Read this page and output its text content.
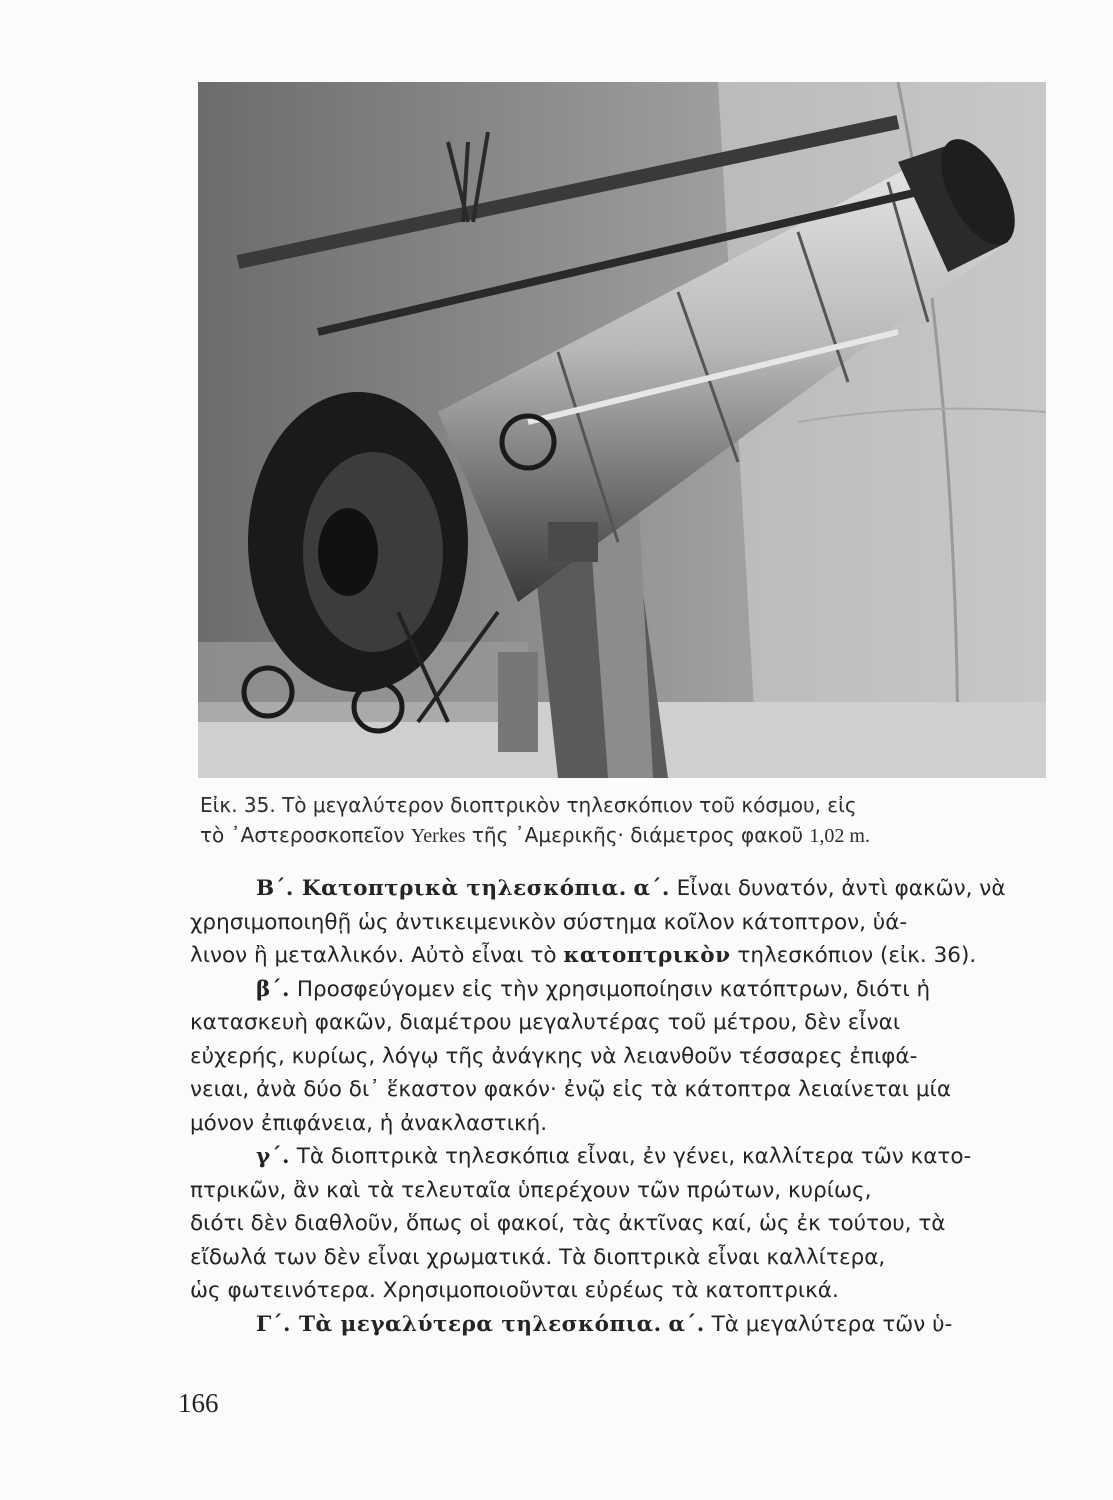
Εἰκ. 35. Τὸ μεγαλύτερον διοπτρικὸν τηλεσκόπιον τοῦ κόσμου, εἰς
τὸ ᾿Αστεροσκοπεῖον Yerkes τῆς ᾿Αμερικῆς· διάμετρος φακοῦ 1,02 m.
Β΄. Κατοπτρικὰ τηλεσκόπια. α΄. Εἶναι δυνατόν, ἀντὶ φακῶν, νὰ
χρησιμοποιηθῇ ὡς ἀντικειμενικὸν σύστημα κοῖλον κάτοπτρον, ὑά-
λινον ἢ μεταλλικόν. Αὐτὸ εἶναι τὸ κατοπτρικὸν τηλεσκόπιον (εἰκ. 36).
β΄. Προσφεύγομεν εἰς τὴν χρησιμοποίησιν κατόπτρων, διότι ἡ
κατασκευὴ φακῶν, διαμέτρου μεγαλυτέρας τοῦ μέτρου, δὲν εἶναι
εὐχερής, κυρίως, λόγῳ τῆς ἀνάγκης νὰ λειανθοῦν τέσσαρες ἐπιφά-
νειαι, ἀνὰ δύο δι᾿ ἕκαστον φακόν· ἐνῷ εἰς τὰ κάτοπτρα λειαίνεται μία
μόνον ἐπιφάνεια, ἡ ἀνακλαστική.
γ΄. Τὰ διοπτρικὰ τηλεσκόπια εἶναι, ἐν γένει, καλλίτερα τῶν κατο-
πτρικῶν, ἂν καὶ τὰ τελευταῖα ὑπερέχουν τῶν πρώτων, κυρίως,
διότι δὲν διαθλοῦν, ὅπως οἱ φακοί, τὰς ἀκτῖνας καί, ὡς ἐκ τούτου, τὰ
εἴδωλά των δὲν εἶναι χρωματικά. Τὰ διοπτρικὰ εἶναι καλλίτερα,
ὡς φωτεινότερα. Χρησιμοποιοῦνται εὐρέως τὰ κατοπτρικά.
Γ΄. Τὰ μεγαλύτερα τηλεσκόπια. α΄. Τὰ μεγαλύτερα τῶν ὑ-
166
